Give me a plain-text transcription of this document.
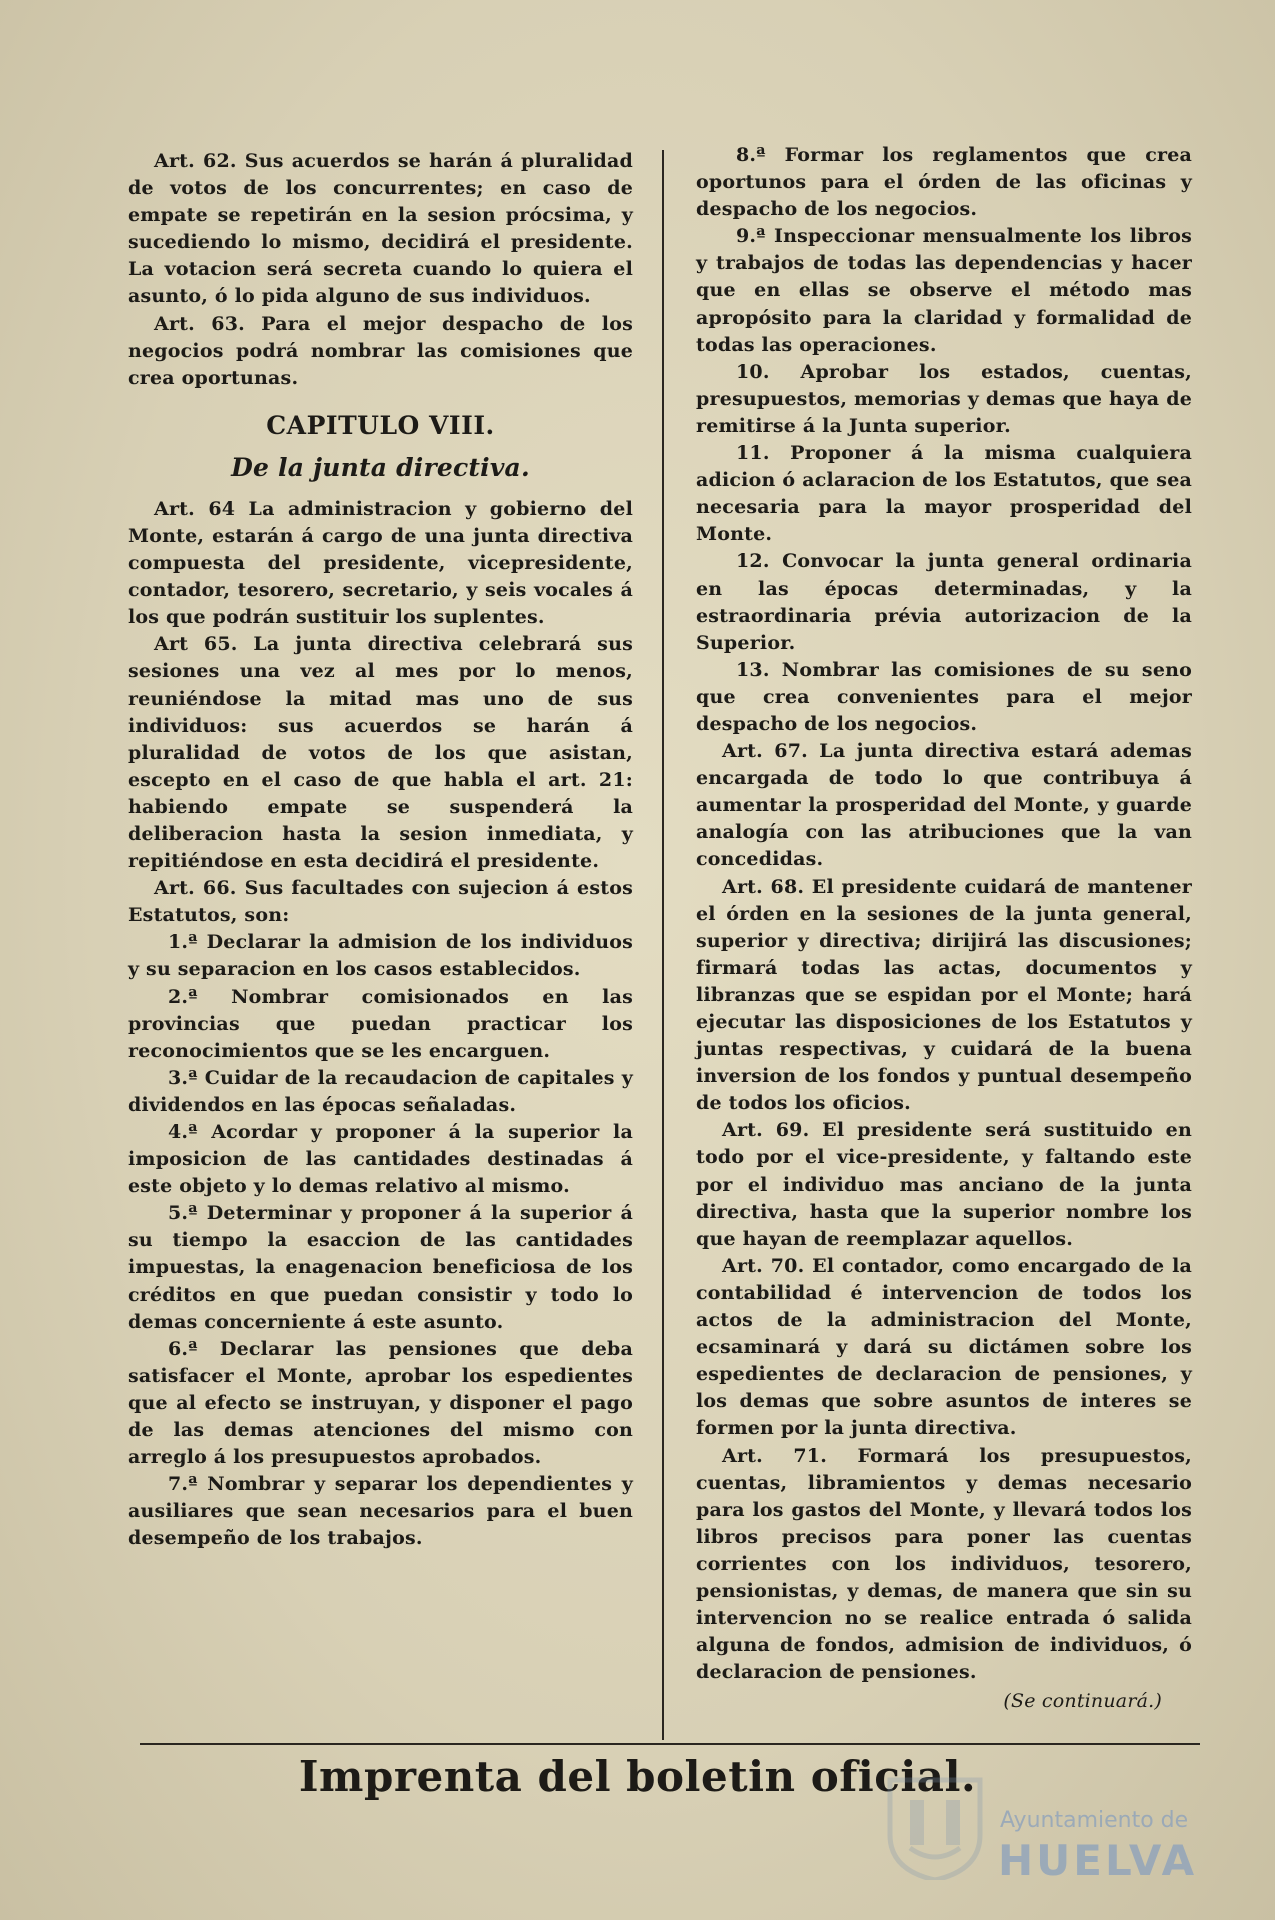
Art. 62. Sus acuerdos se harán á pluralidad de votos de los concurrentes; en caso de empate se repetirán en la sesion prócsima, y sucediendo lo mismo, decidirá el presidente. La votacion será secreta cuando lo quiera el asunto, ó lo pida alguno de sus individuos.

Art. 63. Para el mejor despacho de los negocios podrá nombrar las comisiones que crea oportunas.

CAPITULO VIII.
De la junta directiva.

Art. 64 La administracion y gobierno del Monte, estarán á cargo de una junta directiva compuesta del presidente, vicepresidente, contador, tesorero, secretario, y seis vocales á los que podrán sustituir los suplentes.

Art 65. La junta directiva celebrará sus sesiones una vez al mes por lo menos, reuniéndose la mitad mas uno de sus individuos: sus acuerdos se harán á pluralidad de votos de los que asistan, escepto en el caso de que habla el art. 21: habiendo empate se suspenderá la deliberacion hasta la sesion inmediata, y repitiéndose en esta decidirá el presidente.

Art. 66. Sus facultades con sujecion á estos Estatutos, son:

1.ª Declarar la admision de los individuos y su separacion en los casos establecidos.

2.ª Nombrar comisionados en las provincias que puedan practicar los reconocimientos que se les encarguen.

3.ª Cuidar de la recaudacion de capitales y dividendos en las épocas señaladas.

4.ª Acordar y proponer á la superior la imposicion de las cantidades destinadas á este objeto y lo demas relativo al mismo.

5.ª Determinar y proponer á la superior á su tiempo la esaccion de las cantidades impuestas, la enagenacion beneficiosa de los créditos en que puedan consistir y todo lo demas concerniente á este asunto.

6.ª Declarar las pensiones que deba satisfacer el Monte, aprobar los espedientes que al efecto se instruyan, y disponer el pago de las demas atenciones del mismo con arreglo á los presupuestos aprobados.

7.ª Nombrar y separar los dependientes y ausiliares que sean necesarios para el buen desempeño de los trabajos.

8.ª Formar los reglamentos que crea oportunos para el órden de las oficinas y despacho de los negocios.

9.ª Inspeccionar mensualmente los libros y trabajos de todas las dependencias y hacer que en ellas se observe el método mas apropósito para la claridad y formalidad de todas las operaciones.

10. Aprobar los estados, cuentas, presupuestos, memorias y demas que haya de remitirse á la Junta superior.

11. Proponer á la misma cualquiera adicion ó aclaracion de los Estatutos, que sea necesaria para la mayor prosperidad del Monte.

12. Convocar la junta general ordinaria en las épocas determinadas, y la estraordinaria prévia autorizacion de la Superior.

13. Nombrar las comisiones de su seno que crea convenientes para el mejor despacho de los negocios.

Art. 67. La junta directiva estará ademas encargada de todo lo que contribuya á aumentar la prosperidad del Monte, y guarde analogía con las atribuciones que la van concedidas.

Art. 68. El presidente cuidará de mantener el órden en la sesiones de la junta general, superior y directiva; dirijirá las discusiones; firmará todas las actas, documentos y libranzas que se espidan por el Monte; hará ejecutar las disposiciones de los Estatutos y juntas respectivas, y cuidará de la buena inversion de los fondos y puntual desempeño de todos los oficios.

Art. 69. El presidente será sustituido en todo por el vice-presidente, y faltando este por el individuo mas anciano de la junta directiva, hasta que la superior nombre los que hayan de reemplazar aquellos.

Art. 70. El contador, como encargado de la contabilidad é intervencion de todos los actos de la administracion del Monte, ecsaminará y dará su dictámen sobre los espedientes de declaracion de pensiones, y los demas que sobre asuntos de interes se formen por la junta directiva.

Art. 71. Formará los presupuestos, cuentas, libramientos y demas necesario para los gastos del Monte, y llevará todos los libros precisos para poner las cuentas corrientes con los individuos, tesorero, pensionistas, y demas, de manera que sin su intervencion no se realice entrada ó salida alguna de fondos, admision de individuos, ó declaracion de pensiones.

(Se continuará.)
Imprenta del boletin oficial.
Ayuntamiento de
HUELVA
